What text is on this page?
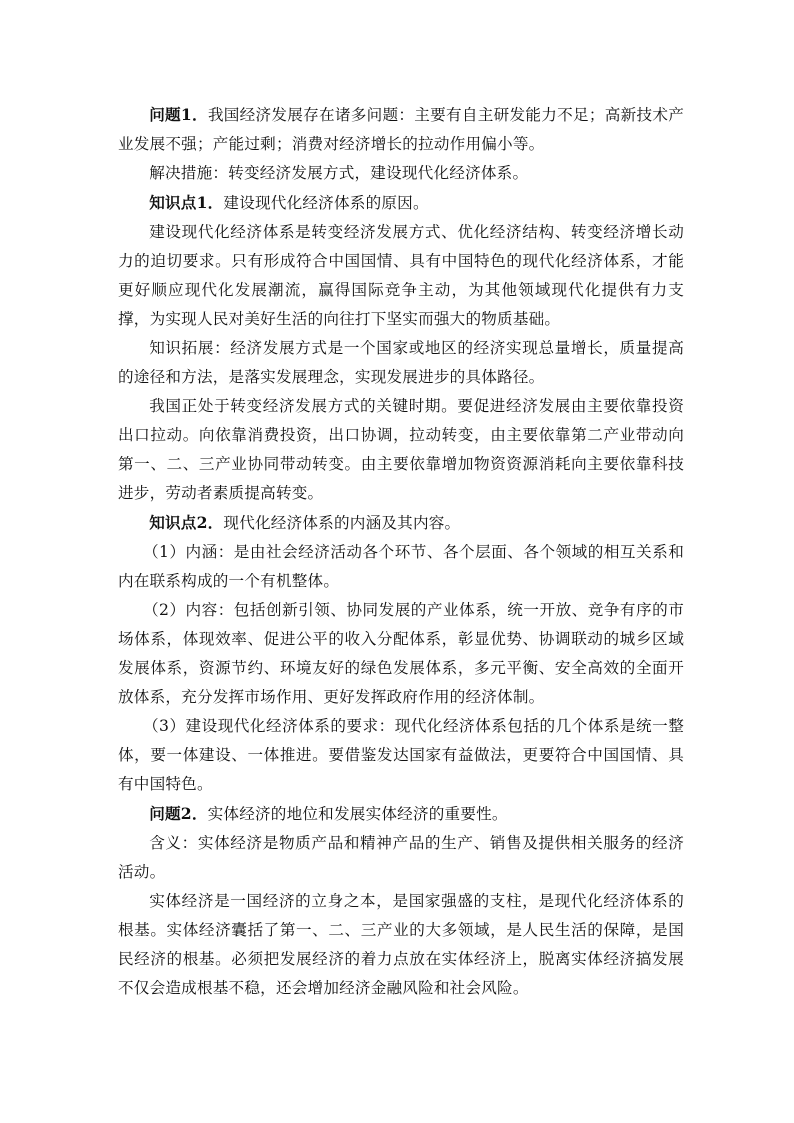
问题1．我国经济发展存在诸多问题：主要有自主研发能力不足；高新技术产业发展不强；产能过剩；消费对经济增长的拉动作用偏小等。

解决措施：转变经济发展方式，建设现代化经济体系。

知识点1．建设现代化经济体系的原因。

建设现代化经济体系是转变经济发展方式、优化经济结构、转变经济增长动力的迫切要求。只有形成符合中国国情、具有中国特色的现代化经济体系，才能更好顺应现代化发展潮流，赢得国际竞争主动，为其他领域现代化提供有力支撑，为实现人民对美好生活的向往打下坚实而强大的物质基础。

知识拓展：经济发展方式是一个国家或地区的经济实现总量增长，质量提高的途径和方法，是落实发展理念，实现发展进步的具体路径。

我国正处于转变经济发展方式的关键时期。要促进经济发展由主要依靠投资出口拉动。向依靠消费投资，出口协调，拉动转变，由主要依靠第二产业带动向第一、二、三产业协同带动转变。由主要依靠增加物资资源消耗向主要依靠科技进步，劳动者素质提高转变。

知识点2．现代化经济体系的内涵及其内容。

（1）内涵：是由社会经济活动各个环节、各个层面、各个领域的相互关系和内在联系构成的一个有机整体。

（2）内容：包括创新引领、协同发展的产业体系，统一开放、竞争有序的市场体系，体现效率、促进公平的收入分配体系，彰显优势、协调联动的城乡区域发展体系，资源节约、环境友好的绿色发展体系，多元平衡、安全高效的全面开放体系，充分发挥市场作用、更好发挥政府作用的经济体制。

（3）建设现代化经济体系的要求：现代化经济体系包括的几个体系是统一整体，要一体建设、一体推进。要借鉴发达国家有益做法，更要符合中国国情、具有中国特色。

问题2．实体经济的地位和发展实体经济的重要性。

含义：实体经济是物质产品和精神产品的生产、销售及提供相关服务的经济活动。

实体经济是一国经济的立身之本，是国家强盛的支柱，是现代化经济体系的根基。实体经济囊括了第一、二、三产业的大多领域，是人民生活的保障，是国民经济的根基。必须把发展经济的着力点放在实体经济上，脱离实体经济搞发展不仅会造成根基不稳，还会增加经济金融风险和社会风险。
